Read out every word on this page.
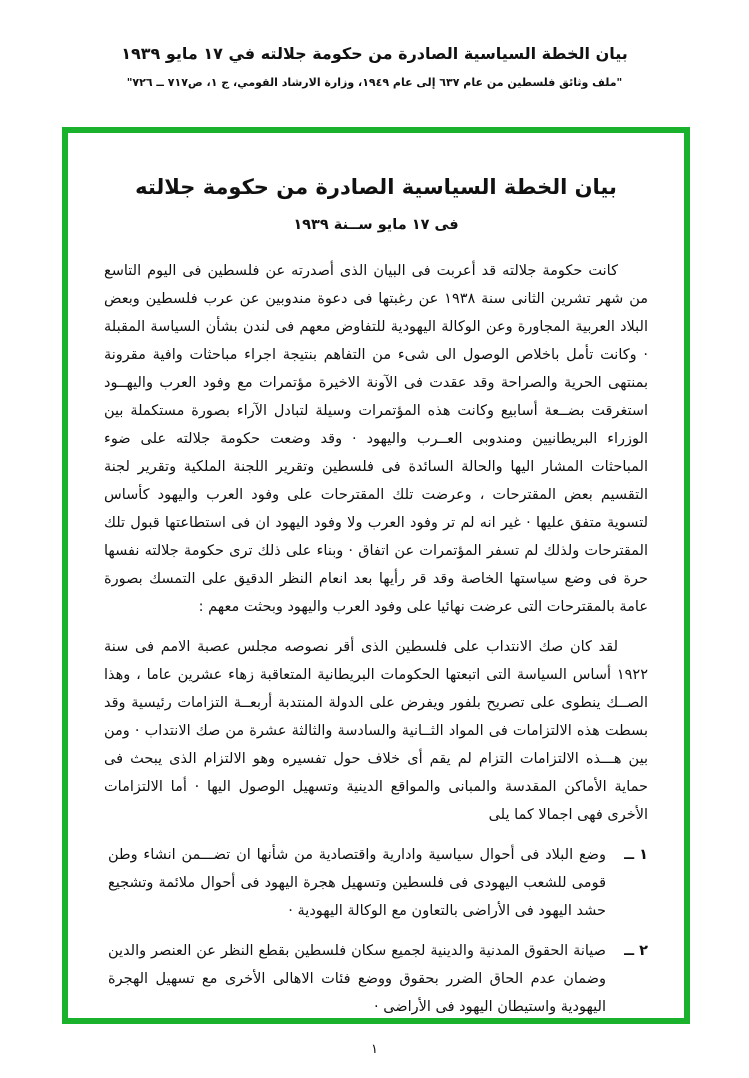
بيان الخطة السياسية الصادرة من حكومة جلالته في ١٧ مايو ١٩٣٩
"ملف وثائق فلسطين من عام ٦٣٧ إلى عام ١٩٤٩، وزارة الارشاد القومي، ج ١، ص٧١٧ ــ ٧٢٦"
بيان الخطة السياسية الصادرة من حكومة جلالته
فى ١٧ مايو ســنة ١٩٣٩

كانت حكومة جلالته قد أعربت فى البيان الذى أصدرته عن فلسطين فى اليوم التاسع من شهر تشرين الثانى سنة ١٩٣٨ عن رغبتها فى دعوة مندوبين عن عرب فلسطين وبعض البلاد العربية المجاورة وعن الوكالة اليهودية للتفاوض معهم فى لندن بشأن السياسة المقبلة · وكانت تأمل باخلاص الوصول الى شىء من التفاهم بنتيجة اجراء مباحثات وافية مقرونة بمنتهى الحرية والصراحة وقد عقدت فى الآونة الاخيرة مؤتمرات مع وفود العرب واليهــود استغرقت بضــعة أسابيع وكانت هذه المؤتمرات وسيلة لتبادل الآراء بصورة مستكملة بين الوزراء البريطانيين ومندوبى العــرب واليهود · وقد وضعت حكومة جلالته على ضوء المباحثات المشار اليها والحالة السائدة فى فلسطين وتقرير اللجنة الملكية وتقرير لجنة التقسيم بعض المقترحات ، وعرضت تلك المقترحات على وفود العرب واليهود كأساس لتسوية متفق عليها · غير انه لم تر وفود العرب ولا وفود اليهود ان فى استطاعتها قبول تلك المقترحات ولذلك لم تسفر المؤتمرات عن اتفاق · وبناء على ذلك ترى حكومة جلالته نفسها حرة فى وضع سياستها الخاصة وقد قر رأيها بعد انعام النظر الدقيق على التمسك بصورة عامة بالمقترحات التى عرضت نهائيا على وفود العرب واليهود وبحثت معهم :

لقد كان صك الانتداب على فلسطين الذى أقر نصوصه مجلس عصبة الامم فى سنة ١٩٢٢ أساس السياسة التى اتبعتها الحكومات البريطانية المتعاقبة زهاء عشرين عاما ، وهذا الصــك ينطوى على تصريح بلفور ويفرض على الدولة المنتدبة أربعــة التزامات رئيسية وقد بسطت هذه الالتزامات فى المواد الثــانية والسادسة والثالثة عشرة من صك الانتداب · ومن بين هـــذه الالتزامات التزام لم يقم أى خلاف حول تفسيره وهو الالتزام الذى يبحث فى حماية الأماكن المقدسة والمبانى والمواقع الدينية وتسهيل الوصول اليها · أما الالتزامات الأخرى فهى اجمالا كما يلى

١ ــ
وضع البلاد فى أحوال سياسية وادارية واقتصادية من شأنها ان تضـــمن انشاء وطن قومى للشعب اليهودى فى فلسطين وتسهيل هجرة اليهود فى أحوال ملائمة وتشجيع حشد اليهود فى الأراضى بالتعاون مع الوكالة اليهودية ·
٢ ــ
صيانة الحقوق المدنية والدينية لجميع سكان فلسطين بقطع النظر عن العنصر والدين وضمان عدم الحاق الضرر بحقوق ووضع فئات الاهالى الأخرى مع تسهيل الهجرة اليهودية واستيطان اليهود فى الأراضى ·
١
